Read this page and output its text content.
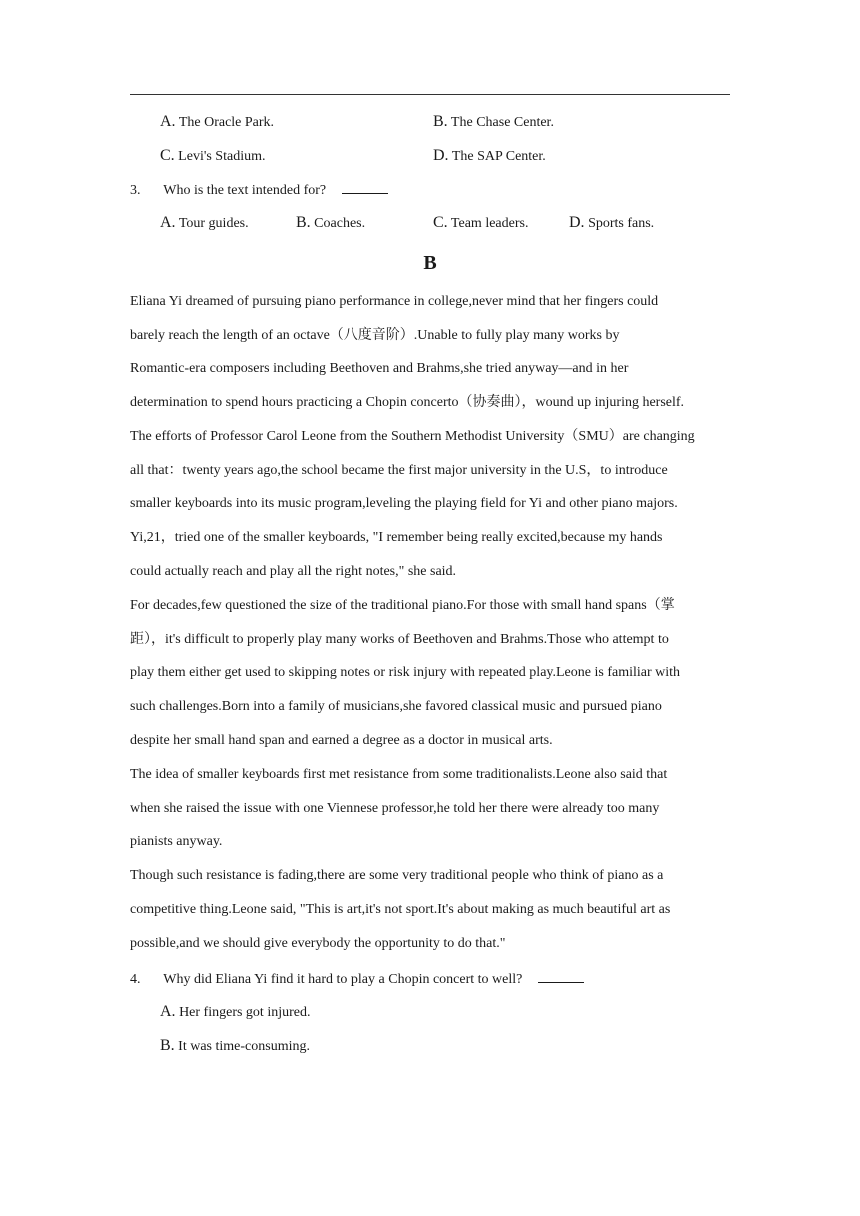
A. The Oracle Park.	B. The Chase Center.
C. Levi's Stadium.	D. The SAP Center.
3. Who is the text intended for?
A. Tour guides.	B. Coaches.	C. Team leaders.	D. Sports fans.
B
Eliana Yi dreamed of pursuing piano performance in college,never mind that her fingers could
barely reach the length of an octave（八度音阶）.Unable to fully play many works by
Romantic-era composers including Beethoven and Brahms,she tried anyway—and in her
determination to spend hours practicing a Chopin concerto（协奏曲），wound up injuring herself.
The efforts of Professor Carol Leone from the Southern Methodist University（SMU）are changing
all that：twenty years ago,the school became the first major university in the U.S，to introduce
smaller keyboards into its music program,leveling the playing field for Yi and other piano majors.
Yi,21，tried one of the smaller keyboards, "I remember being really excited,because my hands
could actually reach and play all the right notes," she said.
For decades,few questioned the size of the traditional piano.For those with small hand spans（掌
距），it's difficult to properly play many works of Beethoven and Brahms.Those who attempt to
play them either get used to skipping notes or risk injury with repeated play.Leone is familiar with
such challenges.Born into a family of musicians,she favored classical music and pursued piano
despite her small hand span and earned a degree as a doctor in musical arts.
The idea of smaller keyboards first met resistance from some traditionalists.Leone also said that
when she raised the issue with one Viennese professor,he told her there were already too many
pianists anyway.
Though such resistance is fading,there are some very traditional people who think of piano as a
competitive thing.Leone said, "This is art,it's not sport.It's about making as much beautiful art as
possible,and we should give everybody the opportunity to do that."
4. Why did Eliana Yi find it hard to play a Chopin concert to well?
A. Her fingers got injured.
B. It was time-consuming.
